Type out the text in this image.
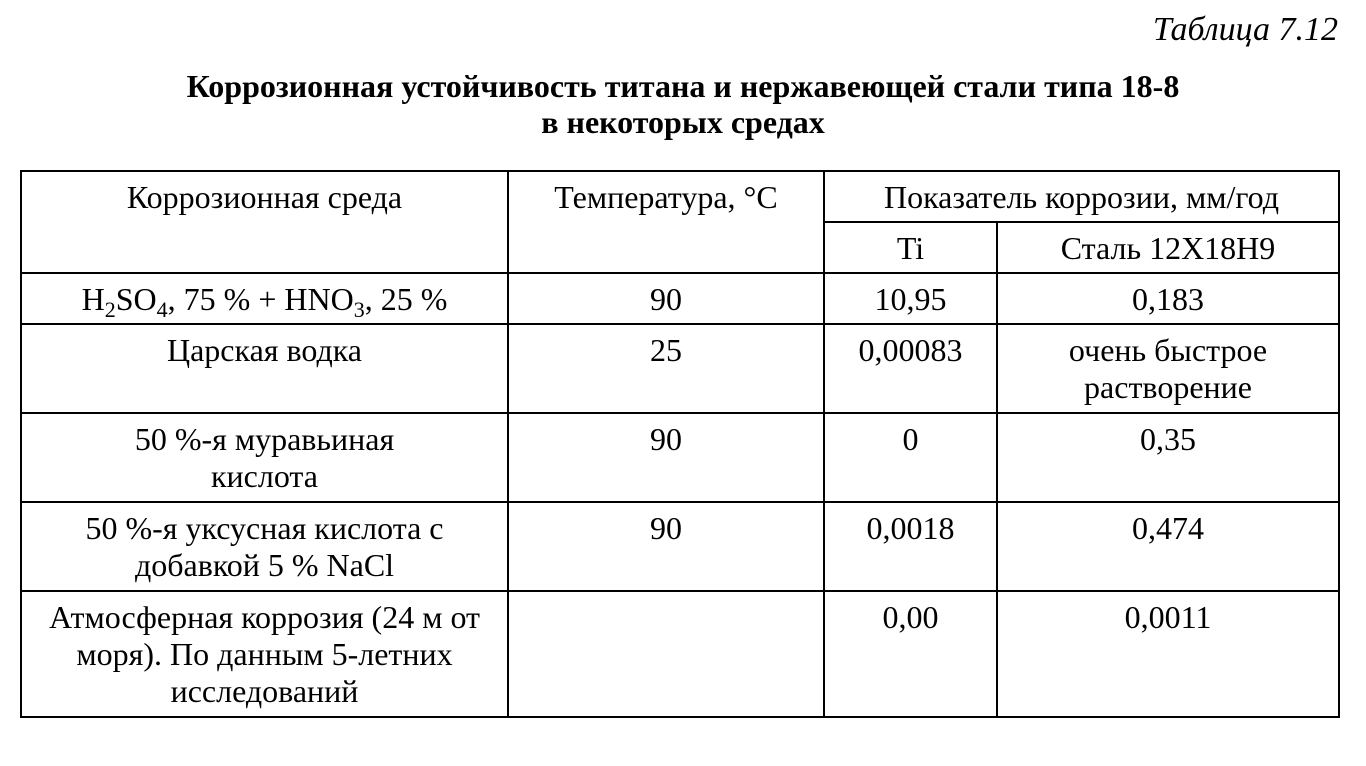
Таблица 7.12
Коррозионная устойчивость титана и нержавеющей стали типа 18-8
в некоторых средах
Коррозионная среда	Температура, °С	Показатель коррозии, мм/год	
		Ti	Сталь 12Х18Н9
$H_2SO_4$, 75 % + $HNO_3$, 25 %	90	10,95	0,183
Царская водка	25	0,00083	очень быстрое растворение
50 %-я муравьиная кислота	90	0	0,35
50 %-я уксусная кислота с добавкой 5 % NaCl	90	0,0018	0,474
Атмосферная коррозия (24 м от моря). По данным 5-летних исследований		0,00	0,0011
